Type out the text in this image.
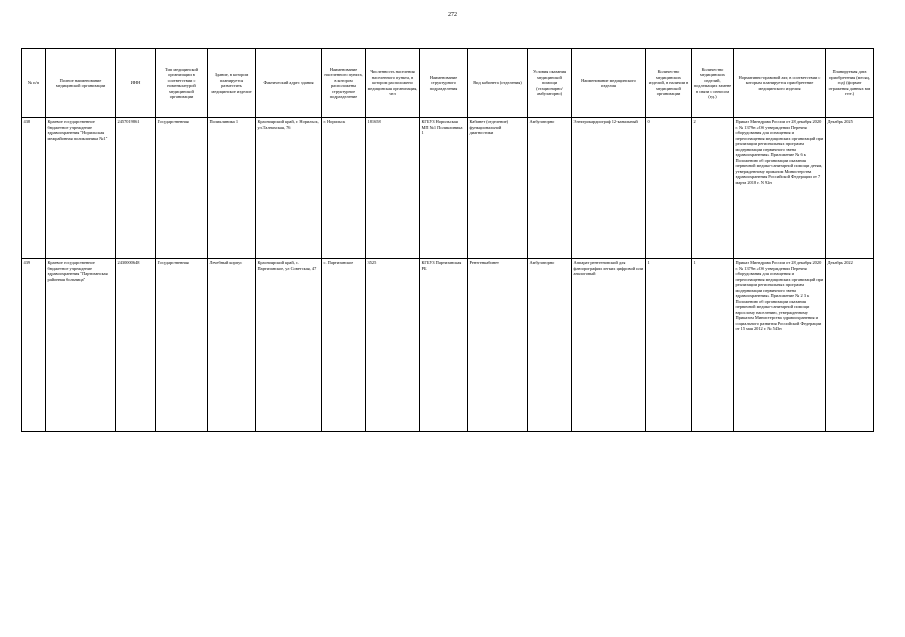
272
№ п/п	Полное наименование медицинской организации	ИНН	Тип медицинской организации в соответствии с номенклатурой медицинской организации	Здание, в котором планируется разместить медицинское изделие	Фактический адрес здания	Наименование населенного пункта, в котором расположены структурное подразделение	Численность населения населенного пункта, в котором расположено медицинская организация, чел	Наименование структурного подразделения	Вид кабинета (отделения)	Условия оказания медицинской помощи (стационарно/ амбулаторно)	Наименование медицинского изделия	Количество медицинских изделий, в наличии в медицинской организации	Количество медицинских изделий, подлежащих замене в связи с износом (ед.)	Нормативно-правовой акт, в соответствии с которым планируется приобретение медицинского изделия	Планируемая дата приобретения (месяц, год) (формат отражения данных мм гггг.)
438	Краевое государственное бюджетное учреждение здравоохранения "Норильская межрайонная поликлиника №1"	2457019861	Государственная	Поликлиника 1	Красноярский край, г. Норильск, ул.Талнахская, 76	г. Норильск	181658	КГБУЗ Норильская МП №1 Поликлиника 1	Кабинет (отделение) функциональной диагностики	Амбулаторно	Электрокардиограф 12-канальный	0	2	Приказ Минздрава России от 28 декабря 2020 г. № 1379н «Об утверждении Перечня оборудования для оснащения и переоснащения медицинских организаций при реализации региональных программ модернизации первичного звена здравоохранения» Приложение № 6 к Положению об организации оказания первичной медико-санитарной помощи детям, утвержденному приказом Министерства здравоохранения Российской Федерации от 7 марта 2018 г. N 92н	Декабрь 2025
439	Краевое государственное бюджетное учреждение здравоохранения "Партизанская районная больница"	2430000648	Государственная	Лечебный корпус	Красноярский край, с. Партизанское, ул Советская, 47	с. Партизанское	3525	КГБУЗ Партизанская РБ	Рентгенкабинет	Амбулаторно	Аппарат рентгеновский для флюорографии легких цифровой или аналоговый	1	1	Приказ Минздрава России от 28 декабря 2020 г. № 1379н «Об утверждении Перечня оборудования для оснащения и переоснащения медицинских организаций при реализации региональных программ модернизации первичного звена здравоохранения» Приложение № 2 3 к Положению об организации оказания первичной медико-санитарной помощи взрослому населению, утвержденному Приказом Министерства здравоохранения и социального развития Российской Федерации от 15 мая 2012 г. № 543н	Декабрь 2022
